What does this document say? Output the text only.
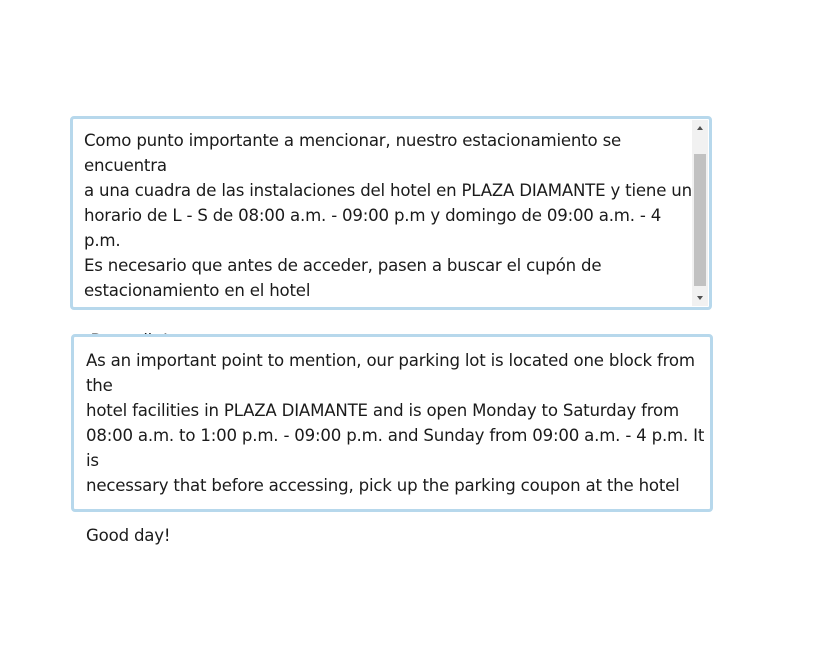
Como punto importante a mencionar, nuestro estacionamiento se encuentra
a una cuadra de las instalaciones del hotel en PLAZA DIAMANTE y tiene un
horario de L - S de 08:00 a.m. - 09:00 p.m y domingo de 09:00 a.m. - 4 p.m.
Es necesario que antes de acceder, pasen a buscar el cupón de
estacionamiento en el hotel

As an important point to mention, our parking lot is located one block from the
hotel facilities in PLAZA DIAMANTE and is open Monday to Saturday from
08:00 a.m. to 1:00 p.m. - 09:00 p.m. and Sunday from 09:00 a.m. - 4 p.m. It is
necessary that before accessing, pick up the parking coupon at the hotel

Good day!
